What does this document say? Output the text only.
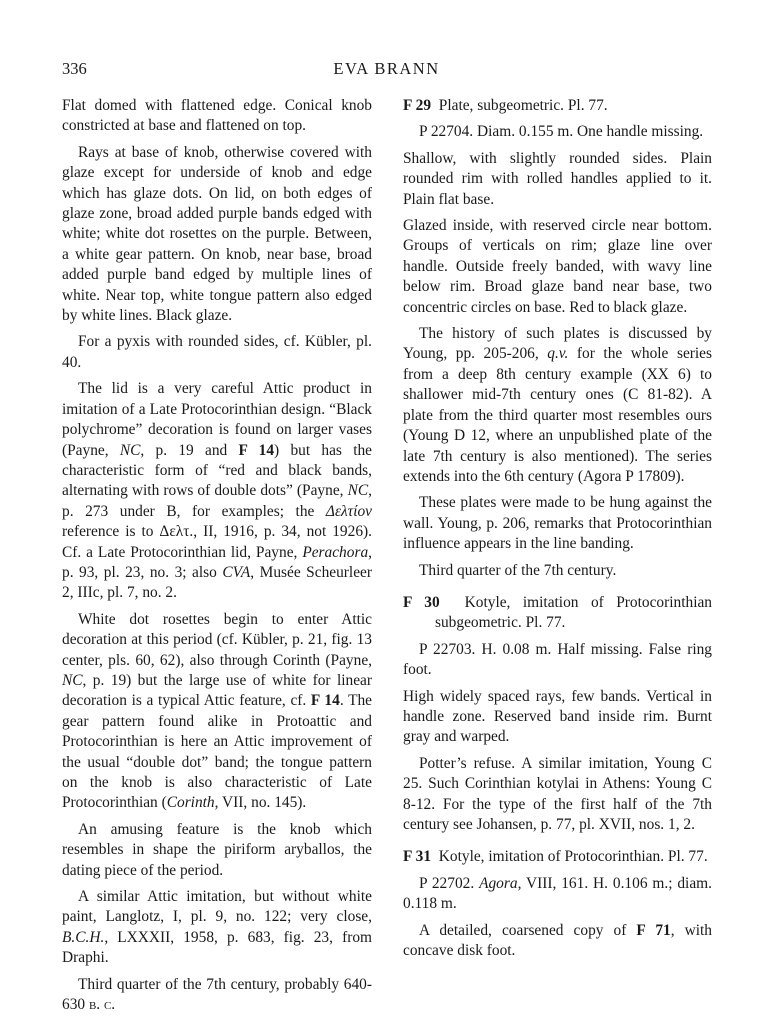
336	EVA BRANN

Flat domed with flattened edge. Conical knob constricted at base and flattened on top.

Rays at base of knob, otherwise covered with glaze except for underside of knob and edge which has glaze dots. On lid, on both edges of glaze zone, broad added purple bands edged with white; white dot rosettes on the purple. Between, a white gear pattern. On knob, near base, broad added purple band edged by multiple lines of white. Near top, white tongue pattern also edged by white lines. Black glaze.

For a pyxis with rounded sides, cf. Kübler, pl. 40.

The lid is a very careful Attic product in imitation of a Late Protocorinthian design. “Black polychrome” decoration is found on larger vases (Payne, NC, p. 19 and F 14) but has the characteristic form of “red and black bands, alternating with rows of double dots” (Payne, NC, p. 273 under B, for examples; the Δελτίον reference is to Δελτ., II, 1916, p. 34, not 1926). Cf. a Late Protocorinthian lid, Payne, Perachora, p. 93, pl. 23, no. 3; also CVA, Musée Scheurleer 2, IIIc, pl. 7, no. 2.

White dot rosettes begin to enter Attic decoration at this period (cf. Kübler, p. 21, fig. 13 center, pls. 60, 62), also through Corinth (Payne, NC, p. 19) but the large use of white for linear decoration is a typical Attic feature, cf. F 14. The gear pattern found alike in Protoattic and Protocorinthian is here an Attic improvement of the usual “double dot” band; the tongue pattern on the knob is also characteristic of Late Protocorinthian (Corinth, VII, no. 145).

An amusing feature is the knob which resembles in shape the piriform aryballos, the dating piece of the period.

A similar Attic imitation, but without white paint, Langlotz, I, pl. 9, no. 122; very close, B.C.H., LXXXII, 1958, p. 683, fig. 23, from Draphi.

Third quarter of the 7th century, probably 640-630 b. c.

F 29 Plate, subgeometric. Pl. 77.

P 22704. Diam. 0.155 m. One handle missing.

Shallow, with slightly rounded sides. Plain rounded rim with rolled handles applied to it. Plain flat base.

Glazed inside, with reserved circle near bottom. Groups of verticals on rim; glaze line over handle. Outside freely banded, with wavy line below rim. Broad glaze band near base, two concentric circles on base. Red to black glaze.

The history of such plates is discussed by Young, pp. 205-206, q.v. for the whole series from a deep 8th century example (XX 6) to shallower mid-7th century ones (C 81-82). A plate from the third quarter most resembles ours (Young D 12, where an unpublished plate of the late 7th century is also mentioned). The series extends into the 6th century (Agora P 17809).

These plates were made to be hung against the wall. Young, p. 206, remarks that Protocorinthian influence appears in the line banding.

Third quarter of the 7th century.

F 30 Kotyle, imitation of Protocorinthian subgeometric. Pl. 77.

P 22703. H. 0.08 m. Half missing. False ring foot.

High widely spaced rays, few bands. Vertical in handle zone. Reserved band inside rim. Burnt gray and warped.

Potter’s refuse. A similar imitation, Young C 25. Such Corinthian kotylai in Athens: Young C 8-12. For the type of the first half of the 7th century see Johansen, p. 77, pl. XVII, nos. 1, 2.

F 31 Kotyle, imitation of Protocorinthian. Pl. 77.

P 22702. Agora, VIII, 161. H. 0.106 m.; diam. 0.118 m.

A detailed, coarsened copy of F 71, with concave disk foot.
